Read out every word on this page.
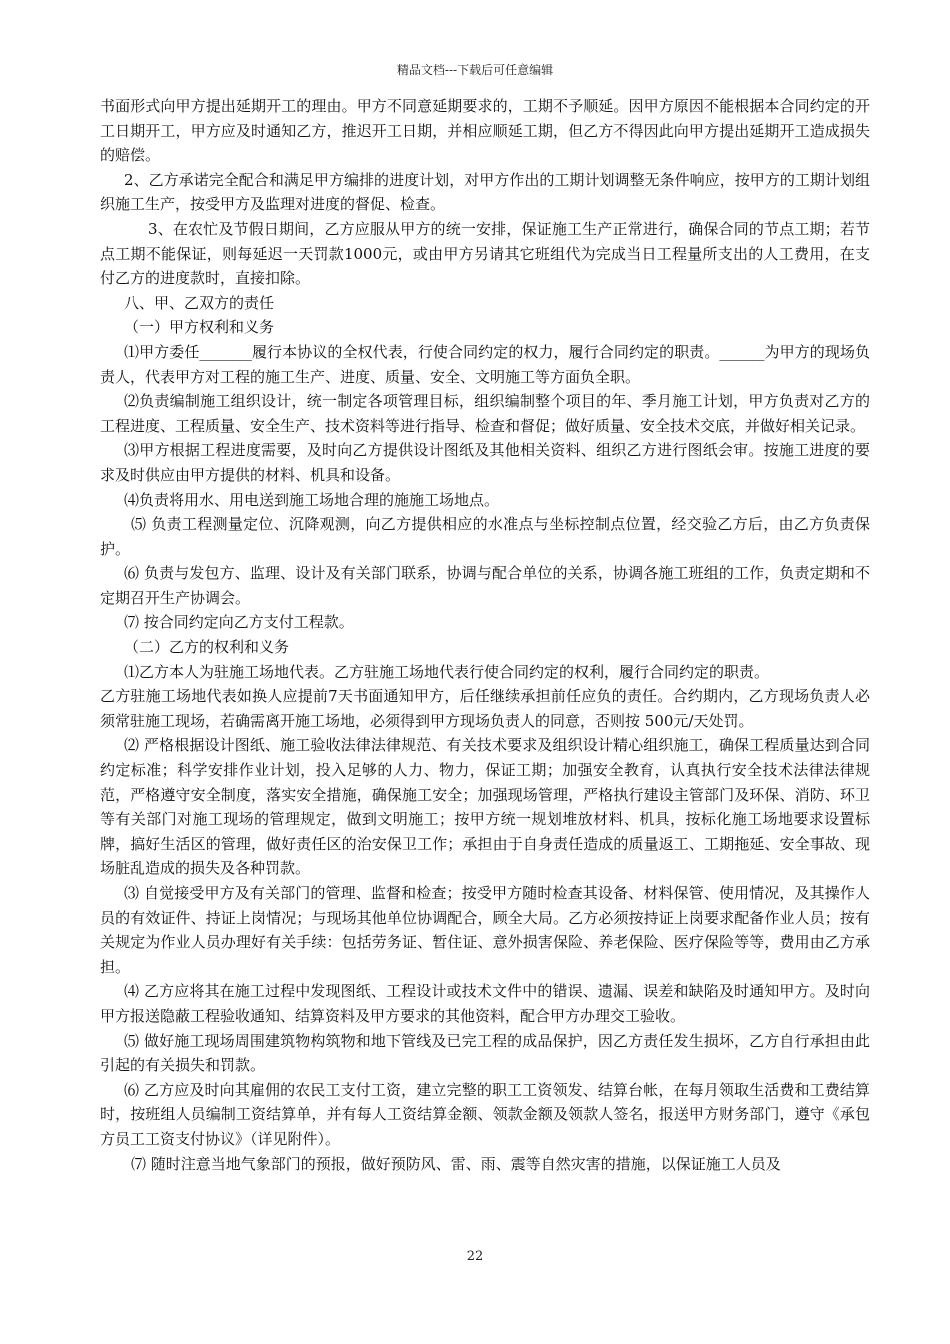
精品文档---下载后可任意编辑

书面形式向甲方提出延期开工的理由。甲方不同意延期要求的，工期不予顺延。因甲方原因不能根据本合同约定的开工日期开工，甲方应及时通知乙方，推迟开工日期，并相应顺延工期，但乙方不得因此向甲方提出延期开工造成损失的赔偿。

2、乙方承诺完全配合和满足甲方编排的进度计划，对甲方作出的工期计划调整无条件响应，按甲方的工期计划组织施工生产，按受甲方及监理对进度的督促、检查。

3、在农忙及节假日期间，乙方应服从甲方的统一安排，保证施工生产正常进行，确保合同的节点工期；若节点工期不能保证，则每延迟一天罚款1000元，或由甲方另请其它班组代为完成当日工程量所支出的人工费用，在支付乙方的进度款时，直接扣除。

八、甲、乙双方的责任

（一）甲方权利和义务

⑴甲方委任_______履行本协议的全权代表，行使合同约定的权力，履行合同约定的职责。______为甲方的现场负责人，代表甲方对工程的施工生产、进度、质量、安全、文明施工等方面负全职。

⑵负责编制施工组织设计，统一制定各项管理目标，组织编制整个项目的年、季月施工计划，甲方负责对乙方的工程进度、工程质量、安全生产、技术资料等进行指导、检查和督促；做好质量、安全技术交底，并做好相关记录。

⑶甲方根据工程进度需要，及时向乙方提供设计图纸及其他相关资料、组织乙方进行图纸会审。按施工进度的要求及时供应由甲方提供的材料、机具和设备。

⑷负责将用水、用电送到施工场地合理的施施工场地点。

⑸ 负责工程测量定位、沉降观测，向乙方提供相应的水准点与坐标控制点位置，经交验乙方后，由乙方负责保护。

⑹ 负责与发包方、监理、设计及有关部门联系，协调与配合单位的关系，协调各施工班组的工作，负责定期和不定期召开生产协调会。

⑺ 按合同约定向乙方支付工程款。

（二）乙方的权利和义务

⑴乙方本人为驻施工场地代表。乙方驻施工场地代表行使合同约定的权利，履行合同约定的职责。

乙方驻施工场地代表如换人应提前7天书面通知甲方，后任继续承担前任应负的责任。合约期内，乙方现场负责人必须常驻施工现场，若确需离开施工场地，必须得到甲方现场负责人的同意，否则按 500元/天处罚。

⑵ 严格根据设计图纸、施工验收法律法律规范、有关技术要求及组织设计精心组织施工，确保工程质量达到合同约定标准；科学安排作业计划，投入足够的人力、物力，保证工期；加强安全教育，认真执行安全技术法律法律规范，严格遵守安全制度，落实安全措施，确保施工安全；加强现场管理，严格执行建设主管部门及环保、消防、环卫等有关部门对施工现场的管理规定，做到文明施工；按甲方统一规划堆放材料、机具，按标化施工场地要求设置标牌，搞好生活区的管理，做好责任区的治安保卫工作；承担由于自身责任造成的质量返工、工期拖延、安全事故、现场脏乱造成的损失及各种罚款。

⑶ 自觉接受甲方及有关部门的管理、监督和检查；按受甲方随时检查其设备、材料保管、使用情况，及其操作人员的有效证件、持证上岗情况；与现场其他单位协调配合，顾全大局。乙方必须按持证上岗要求配备作业人员；按有关规定为作业人员办理好有关手续：包括劳务证、暂住证、意外损害保险、养老保险、医疗保险等等，费用由乙方承担。

⑷ 乙方应将其在施工过程中发现图纸、工程设计或技术文件中的错误、遗漏、误差和缺陷及时通知甲方。及时向甲方报送隐蔽工程验收通知、结算资料及甲方要求的其他资料，配合甲方办理交工验收。

⑸ 做好施工现场周围建筑物构筑物和地下管线及已完工程的成品保护，因乙方责任发生损坏，乙方自行承担由此引起的有关损失和罚款。

⑹ 乙方应及时向其雇佣的农民工支付工资，建立完整的职工工资领发、结算台帐，在每月领取生活费和工费结算时，按班组人员编制工资结算单，并有每人工资结算金额、领款金额及领款人签名，报送甲方财务部门，遵守《承包方员工工资支付协议》（详见附件）。

⑺ 随时注意当地气象部门的预报，做好预防风、雷、雨、震等自然灾害的措施，以保证施工人员及

22
